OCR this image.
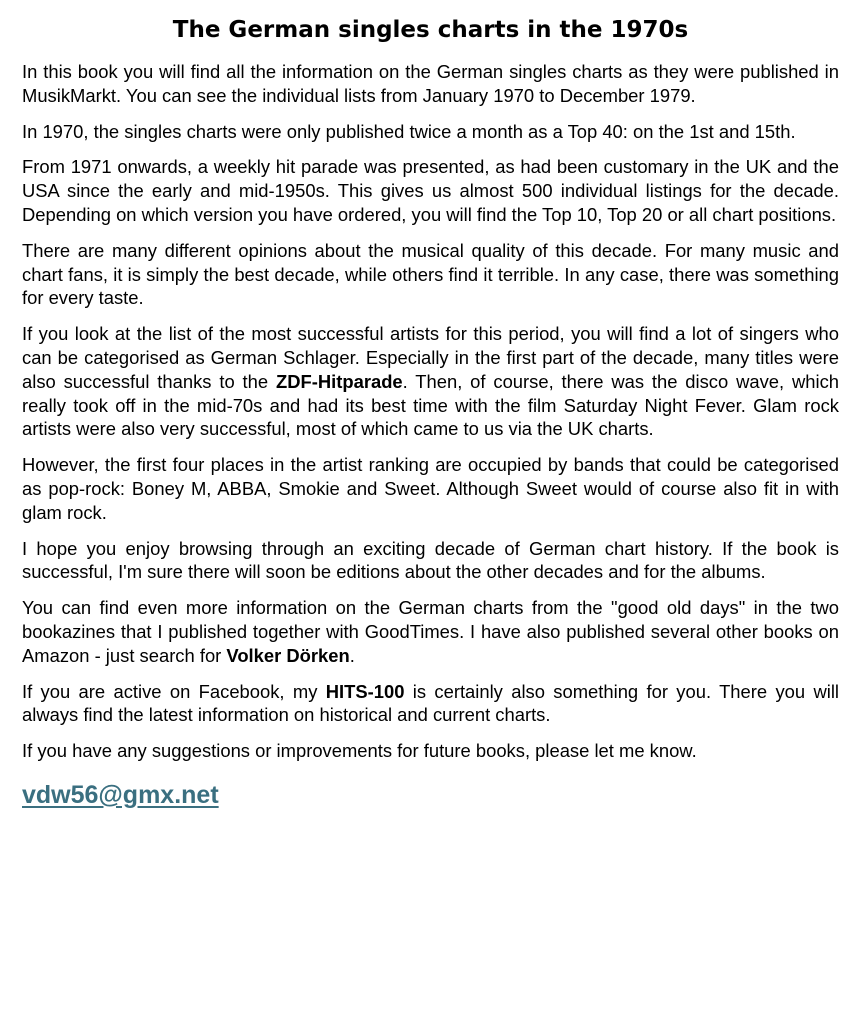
The German singles charts in the 1970s

In this book you will find all the information on the German singles charts as they were published in MusikMarkt. You can see the individual lists from January 1970 to December 1979.

In 1970, the singles charts were only published twice a month as a Top 40: on the 1st and 15th.

From 1971 onwards, a weekly hit parade was presented, as had been customary in the UK and the USA since the early and mid-1950s. This gives us almost 500 individual listings for the decade. Depending on which version you have ordered, you will find the Top 10, Top 20 or all chart positions.

There are many different opinions about the musical quality of this decade. For many music and chart fans, it is simply the best decade, while others find it terrible. In any case, there was something for every taste.

If you look at the list of the most successful artists for this period, you will find a lot of singers who can be categorised as German Schlager. Especially in the first part of the decade, many titles were also successful thanks to the ZDF-Hitparade. Then, of course, there was the disco wave, which really took off in the mid-70s and had its best time with the film Saturday Night Fever. Glam rock artists were also very successful, most of which came to us via the UK charts.

However, the first four places in the artist ranking are occupied by bands that could be categorised as pop-rock: Boney M, ABBA, Smokie and Sweet. Although Sweet would of course also fit in with glam rock.

I hope you enjoy browsing through an exciting decade of German chart history. If the book is successful, I'm sure there will soon be editions about the other decades and for the albums.

You can find even more information on the German charts from the "good old days" in the two bookazines that I published together with GoodTimes. I have also published several other books on Amazon - just search for Volker Dörken.

If you are active on Facebook, my HITS-100 is certainly also something for you. There you will always find the latest information on historical and current charts.

If you have any suggestions or improvements for future books, please let me know.

vdw56@gmx.net
